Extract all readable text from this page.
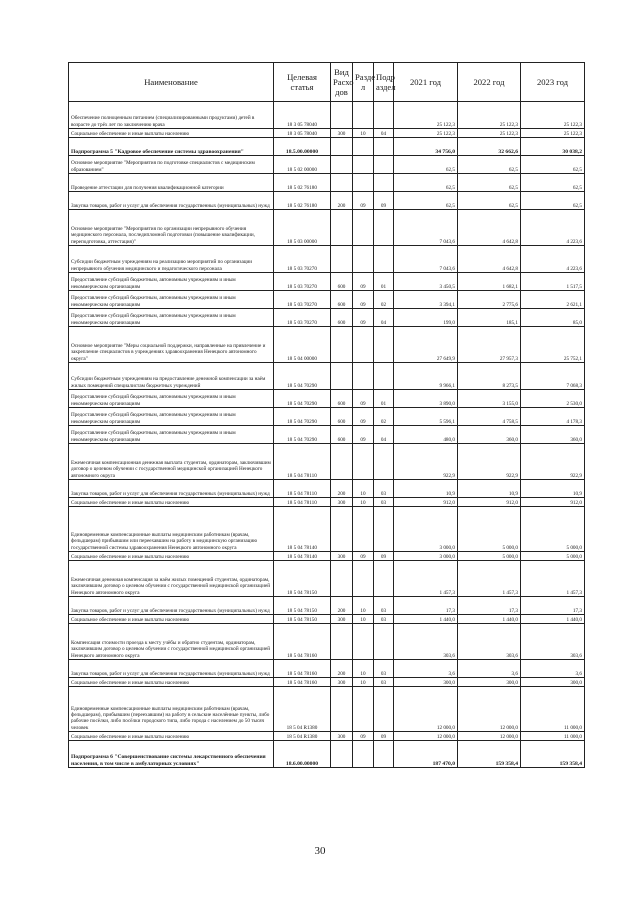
Наименование	Целевая статья	Вид Расхо дов	Разде л	Подр аздел	2021 год	2022 год	2023 год
Обеспечение полноценным питанием (специализированными продуктами) детей в возрасте до трёх лет по заключению врача	18 3 05 78040				25 122,3	25 122,3	25 122,3
Социальное обеспечение и иные выплаты населению	18 3 05 78040	300	10	04	25 122,3	25 122,3	25 122,3
Подпрограмма 5 "Кадровое обеспечение системы здравоохранения"	18.5.00.00000				34 756,0	32 662,6	30 038,2
Основное мероприятие "Мероприятия по подготовке специалистов с медицинским образованием"	18 5 02 00000				62,5	62,5	62,5
Проведение аттестации для получения квалификационной категории	18 5 02 76180				62,5	62,5	62,5
Закупка товаров, работ и услуг для обеспечения государственных (муниципальных) нужд	18 5 02 76180	200	09	09	62,5	62,5	62,5
Основное мероприятие "Мероприятия по организации непрерывного обучения медицинского персонала, последипломной подготовки (повышение квалификации, переподготовка, аттестация)"	18 5 03 00000				7 043,6	4 642,8	4 223,6
Субсидии бюджетным учреждениям на реализацию мероприятий по организации непрерывного обучения медицинского и педагогического персонала	18 5 03 70270				7 043,6	4 642,8	4 223,6
Предоставление субсидий бюджетным, автономным учреждениям и иным некоммерческим организациям	18 5 03 70270	600	09	01	3 450,5	1 682,1	1 517,5
Предоставление субсидий бюджетным, автономным учреждениям и иным некоммерческим организациям	18 5 03 70270	600	09	02	3 394,1	2 775,6	2 621,1
Предоставление субсидий бюджетным, автономным учреждениям и иным некоммерческим организациям	18 5 03 70270	600	09	04	199,0	185,1	85,0
Основное мероприятие "Меры социальной поддержки, направленные на привлечение и закрепление специалистов в учреждениях здравоохранения Ненецкого автономного округа"	18 5 04 00000				27 649,9	27 957,3	25 752,1
Субсидии бюджетным учреждениям на предоставление денежной компенсации за наём жилых помещений специалистам бюджетных учреждений	18 5 04 70290				9 966,1	8 273,5	7 068,3
Предоставление субсидий бюджетным, автономным учреждениям и иным некоммерческим организациям	18 5 04 70290	600	09	01	3 890,0	3 155,0	2 530,0
Предоставление субсидий бюджетным, автономным учреждениям и иным некоммерческим организациям	18 5 04 70290	600	09	02	5 596,1	4 758,5	4 178,3
Предоставление субсидий бюджетным, автономным учреждениям и иным некоммерческим организациям	18 5 04 70290	600	09	04	480,0	360,0	360,0
Ежемесячная компенсационная денежная выплата студентам, ординаторам, заключившим договор о целевом обучении с государственной медицинской организацией Ненецкого автономного округа	18 5 04 78110				922,9	922,9	922,9
Закупка товаров, работ и услуг для обеспечения государственных (муниципальных) нужд	18 5 04 78110	200	10	03	10,9	10,9	10,9
Социальное обеспечение и иные выплаты населению	18 5 04 78110	300	10	03	912,0	912,0	912,0
Единовременные компенсационные выплаты медицинским работникам (врачам, фельдшерам) прибывшим или переехавшим на работу в медицинскую организацию государственной системы здравоохранения Ненецкого автономного округа	18 5 04 78140				3 000,0	5 000,0	5 000,0
Социальное обеспечение и иные выплаты населению	18 5 04 78140	300	09	09	3 000,0	5 000,0	5 000,0
Ежемесячная денежная компенсация за наём жилых помещений студентам, ординаторам, заключившим договор о целевом обучении с государственной медицинской организацией Ненецкого автономного округа	18 5 04 78150				1 457,3	1 457,3	1 457,3
Закупка товаров, работ и услуг для обеспечения государственных (муниципальных) нужд	18 5 04 78150	200	10	03	17,3	17,3	17,3
Социальное обеспечение и иные выплаты населению	18 5 04 78150	300	10	03	1 440,0	1 440,0	1 440,0
Компенсация стоимости проезда к месту учёбы и обратно студентам, ординаторам, заключившим договор о целевом обучении с государственной медицинской организацией Ненецкого автономного округа	18 5 04 78160				303,6	303,6	303,6
Закупка товаров, работ и услуг для обеспечения государственных (муниципальных) нужд	18 5 04 78160	200	10	03	3,6	3,6	3,6
Социальное обеспечение и иные выплаты населению	18 5 04 78160	300	10	03	300,0	300,0	300,0
Единовременные компенсационные выплаты медицинским работникам (врачам, фельдшерам), прибывшим (переехавшим) на работу в сельские населённые пункты, либо рабочие посёлки, либо посёлки городского типа, либо города с населением до 50 тысяч человек	18 5 04 R1380				12 000,0	12 000,0	11 000,0
Социальное обеспечение и иные выплаты населению	18 5 04 R1380	300	09	09	12 000,0	12 000,0	11 000,0
Подпрограмма 6 "Совершенствование системы лекарственного обеспечения населения, в том числе в амбулаторных условиях"	18.6.00.00000				187 470,0	159 358,4	159 358,4
30
